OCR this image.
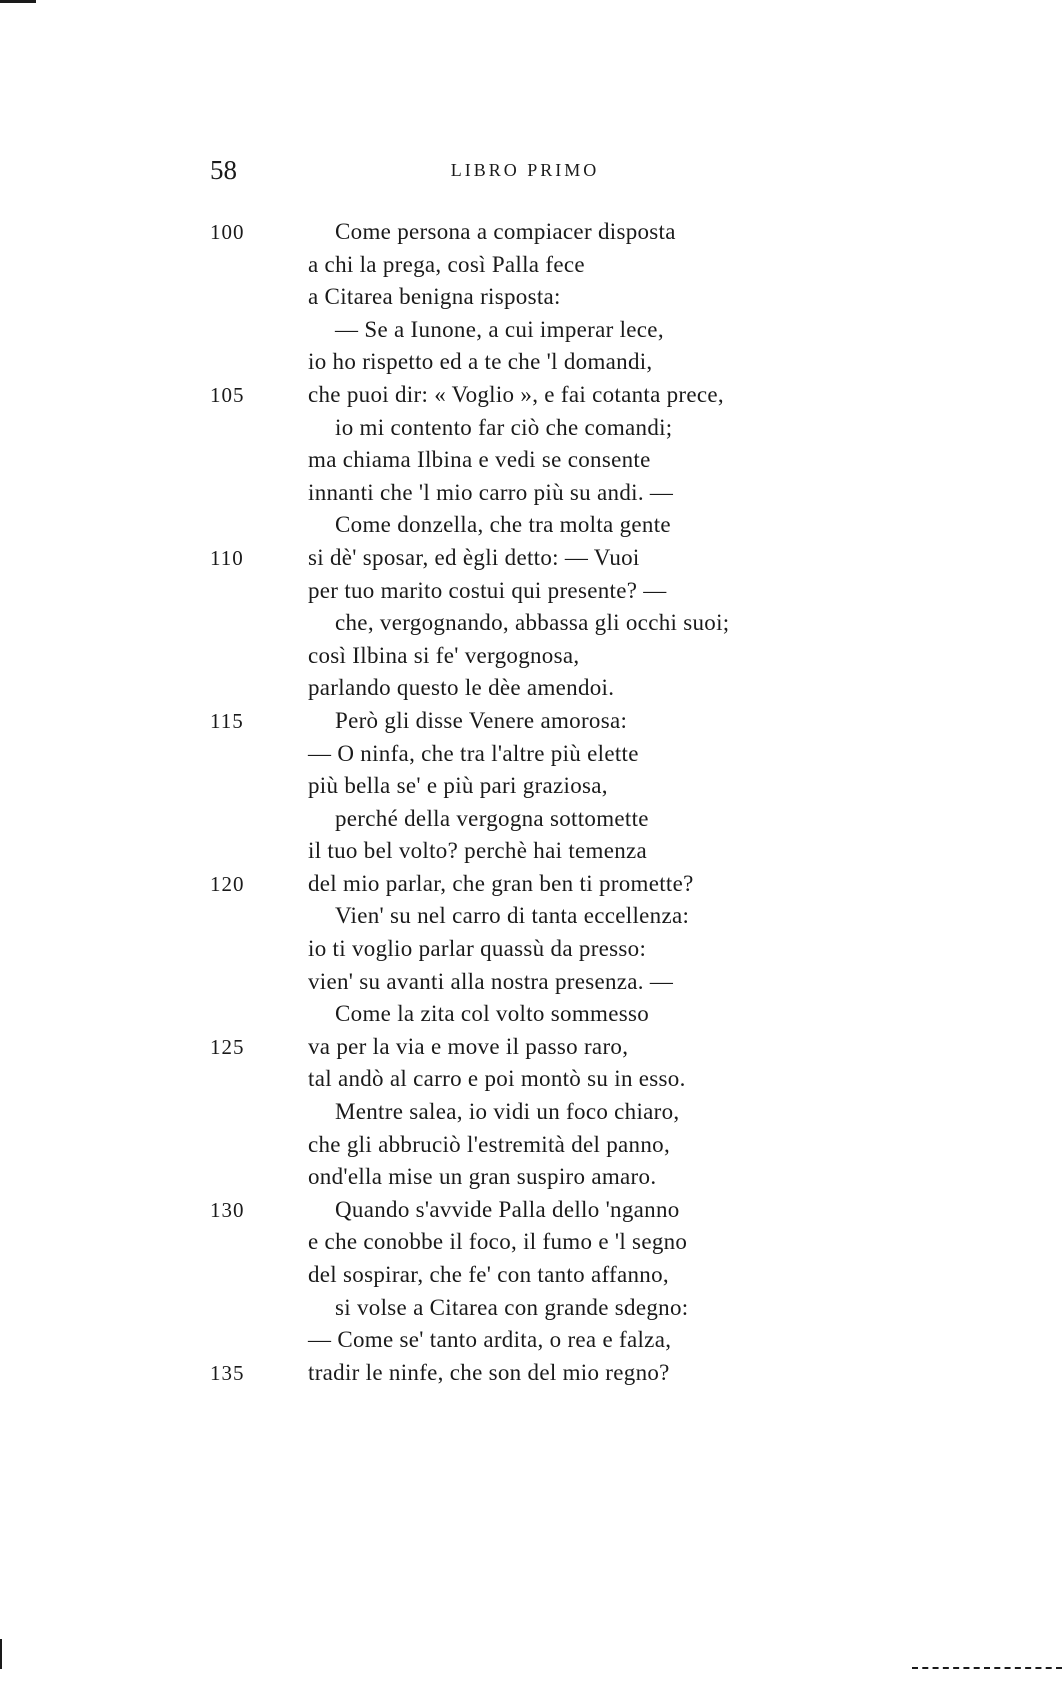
58	LIBRO PRIMO
100	Come persona a compiacer disposta
a chi la prega, così Palla fece
a Citarea benigna risposta:
— Se a Iunone, a cui imperar lece,
io ho rispetto ed a te che 'l domandi,
105	che puoi dir: « Voglio », e fai cotanta prece,
io mi contento far ciò che comandi;
ma chiama Ilbina e vedi se consente
innanti che 'l mio carro più su andi. —
Come donzella, che tra molta gente
110	si dè' sposar, ed ègli detto: — Vuoi
per tuo marito costui qui presente? —
che, vergognando, abbassa gli occhi suoi;
così Ilbina si fe' vergognosa,
parlando questo le dèe amendoi.
115	Però gli disse Venere amorosa:
— O ninfa, che tra l'altre più elette
più bella se' e più pari graziosa,
perché della vergogna sottomette
il tuo bel volto? perchè hai temenza
120	del mio parlar, che gran ben ti promette?
Vien' su nel carro di tanta eccellenza:
io ti voglio parlar quassù da presso:
vien' su avanti alla nostra presenza. —
Come la zita col volto sommesso
125	va per la via e move il passo raro,
tal andò al carro e poi montò su in esso.
Mentre salea, io vidi un foco chiaro,
che gli abbruciò l'estremità del panno,
ond'ella mise un gran suspiro amaro.
130	Quando s'avvide Palla dello 'nganno
e che conobbe il foco, il fumo e 'l segno
del sospirar, che fe' con tanto affanno,
si volse a Citarea con grande sdegno:
— Come se' tanto ardita, o rea e falza,
135	tradir le ninfe, che son del mio regno?
